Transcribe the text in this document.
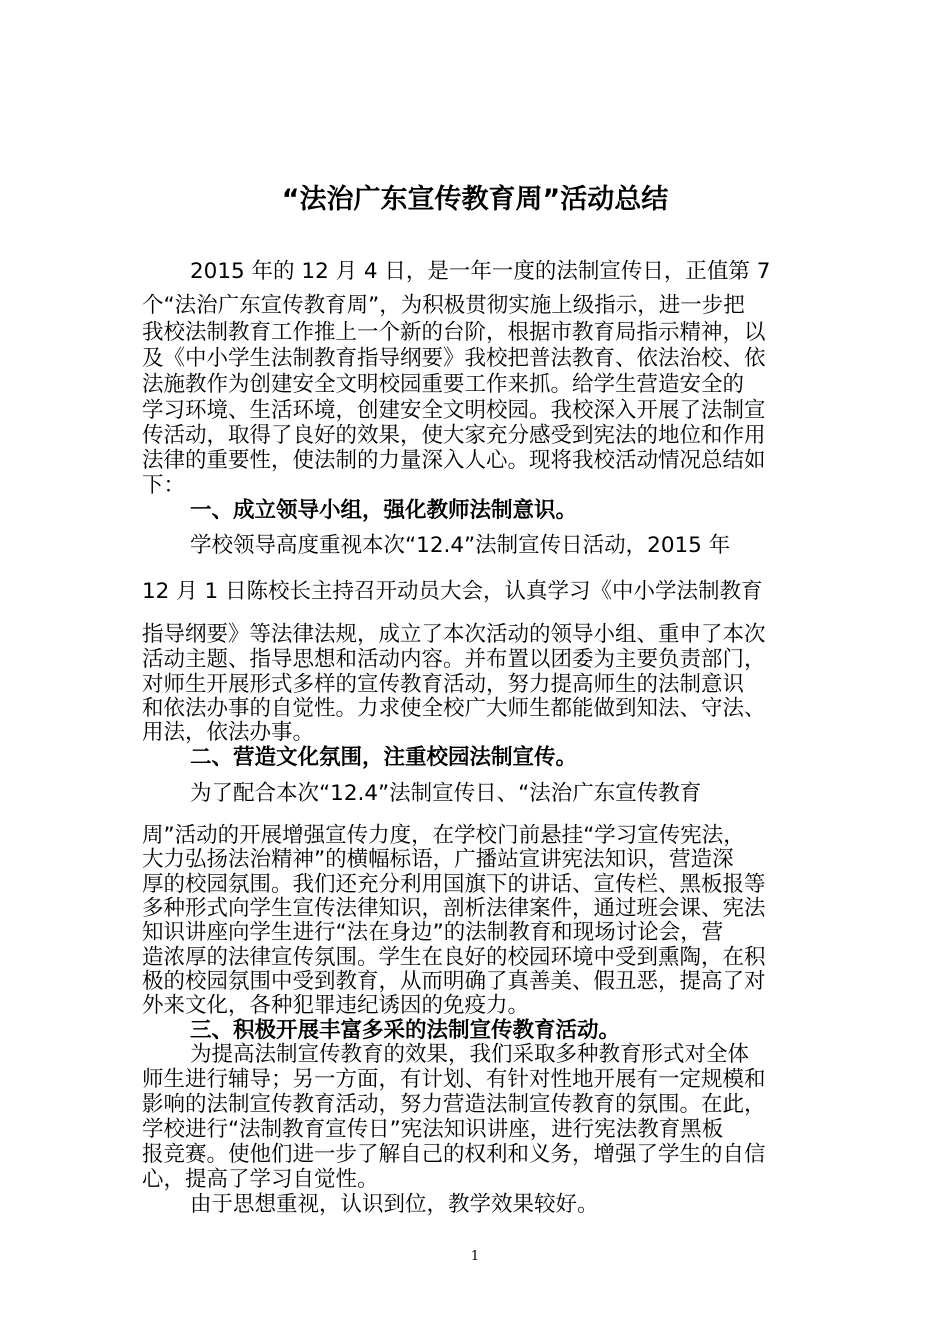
“法治广东宣传教育周”活动总结

2015 年的 12 月 4 日，是一年一度的法制宣传日，正值第 7

个“法治广东宣传教育周”，为积极贯彻实施上级指示，进一步把

我校法制教育工作推上一个新的台阶，根据市教育局指示精神，以

及《中小学生法制教育指导纲要》我校把普法教育、依法治校、依

法施教作为创建安全文明校园重要工作来抓。给学生营造安全的

学习环境、生活环境，创建安全文明校园。我校深入开展了法制宣

传活动，取得了良好的效果，使大家充分感受到宪法的地位和作用

法律的重要性，使法制的力量深入人心。现将我校活动情况总结如

下：

一、成立领导小组，强化教师法制意识。

学校领导高度重视本次“12.4”法制宣传日活动，2015 年

12 月 1 日陈校长主持召开动员大会，认真学习《中小学法制教育

指导纲要》等法律法规，成立了本次活动的领导小组、重申了本次

活动主题、指导思想和活动内容。并布置以团委为主要负责部门，

对师生开展形式多样的宣传教育活动，努力提高师生的法制意识

和依法办事的自觉性。力求使全校广大师生都能做到知法、守法、

用法，依法办事。

二、营造文化氛围，注重校园法制宣传。

为了配合本次“12.4”法制宣传日、“法治广东宣传教育

周”活动的开展增强宣传力度，在学校门前悬挂“学习宣传宪法，

大力弘扬法治精神”的横幅标语，广播站宣讲宪法知识，营造深

厚的校园氛围。我们还充分利用国旗下的讲话、宣传栏、黑板报等

多种形式向学生宣传法律知识，剖析法律案件，通过班会课、宪法

知识讲座向学生进行“法在身边”的法制教育和现场讨论会，营

造浓厚的法律宣传氛围。学生在良好的校园环境中受到熏陶，在积

极的校园氛围中受到教育，从而明确了真善美、假丑恶，提高了对

外来文化，各种犯罪违纪诱因的免疫力。

三、积极开展丰富多采的法制宣传教育活动。

为提高法制宣传教育的效果，我们采取多种教育形式对全体

师生进行辅导；另一方面，有计划、有针对性地开展有一定规模和

影响的法制宣传教育活动，努力营造法制宣传教育的氛围。在此，

学校进行“法制教育宣传日”宪法知识讲座，进行宪法教育黑板

报竞赛。使他们进一步了解自己的权利和义务，增强了学生的自信

心，提高了学习自觉性。

由于思想重视，认识到位，教学效果较好。

1
